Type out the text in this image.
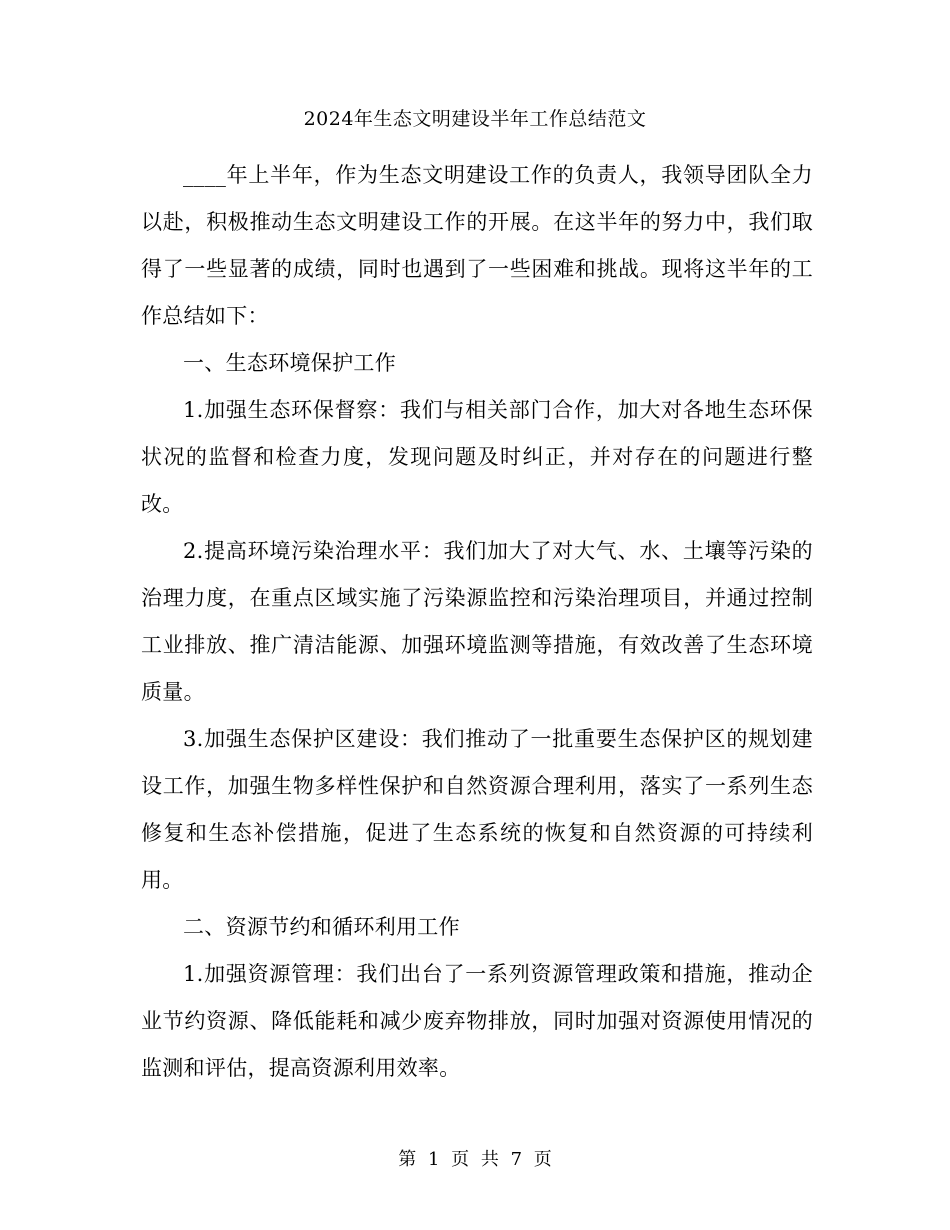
2024年生态文明建设半年工作总结范文

____年上半年，作为生态文明建设工作的负责人，我领导团队全力以赴，积极推动生态文明建设工作的开展。在这半年的努力中，我们取得了一些显著的成绩，同时也遇到了一些困难和挑战。现将这半年的工作总结如下：

一、生态环境保护工作

1.加强生态环保督察：我们与相关部门合作，加大对各地生态环保状况的监督和检查力度，发现问题及时纠正，并对存在的问题进行整改。

2.提高环境污染治理水平：我们加大了对大气、水、土壤等污染的治理力度，在重点区域实施了污染源监控和污染治理项目，并通过控制工业排放、推广清洁能源、加强环境监测等措施，有效改善了生态环境质量。

3.加强生态保护区建设：我们推动了一批重要生态保护区的规划建设工作，加强生物多样性保护和自然资源合理利用，落实了一系列生态修复和生态补偿措施，促进了生态系统的恢复和自然资源的可持续利用。

二、资源节约和循环利用工作

1.加强资源管理：我们出台了一系列资源管理政策和措施，推动企业节约资源、降低能耗和减少废弃物排放，同时加强对资源使用情况的监测和评估，提高资源利用效率。

第 1 页 共 7 页
